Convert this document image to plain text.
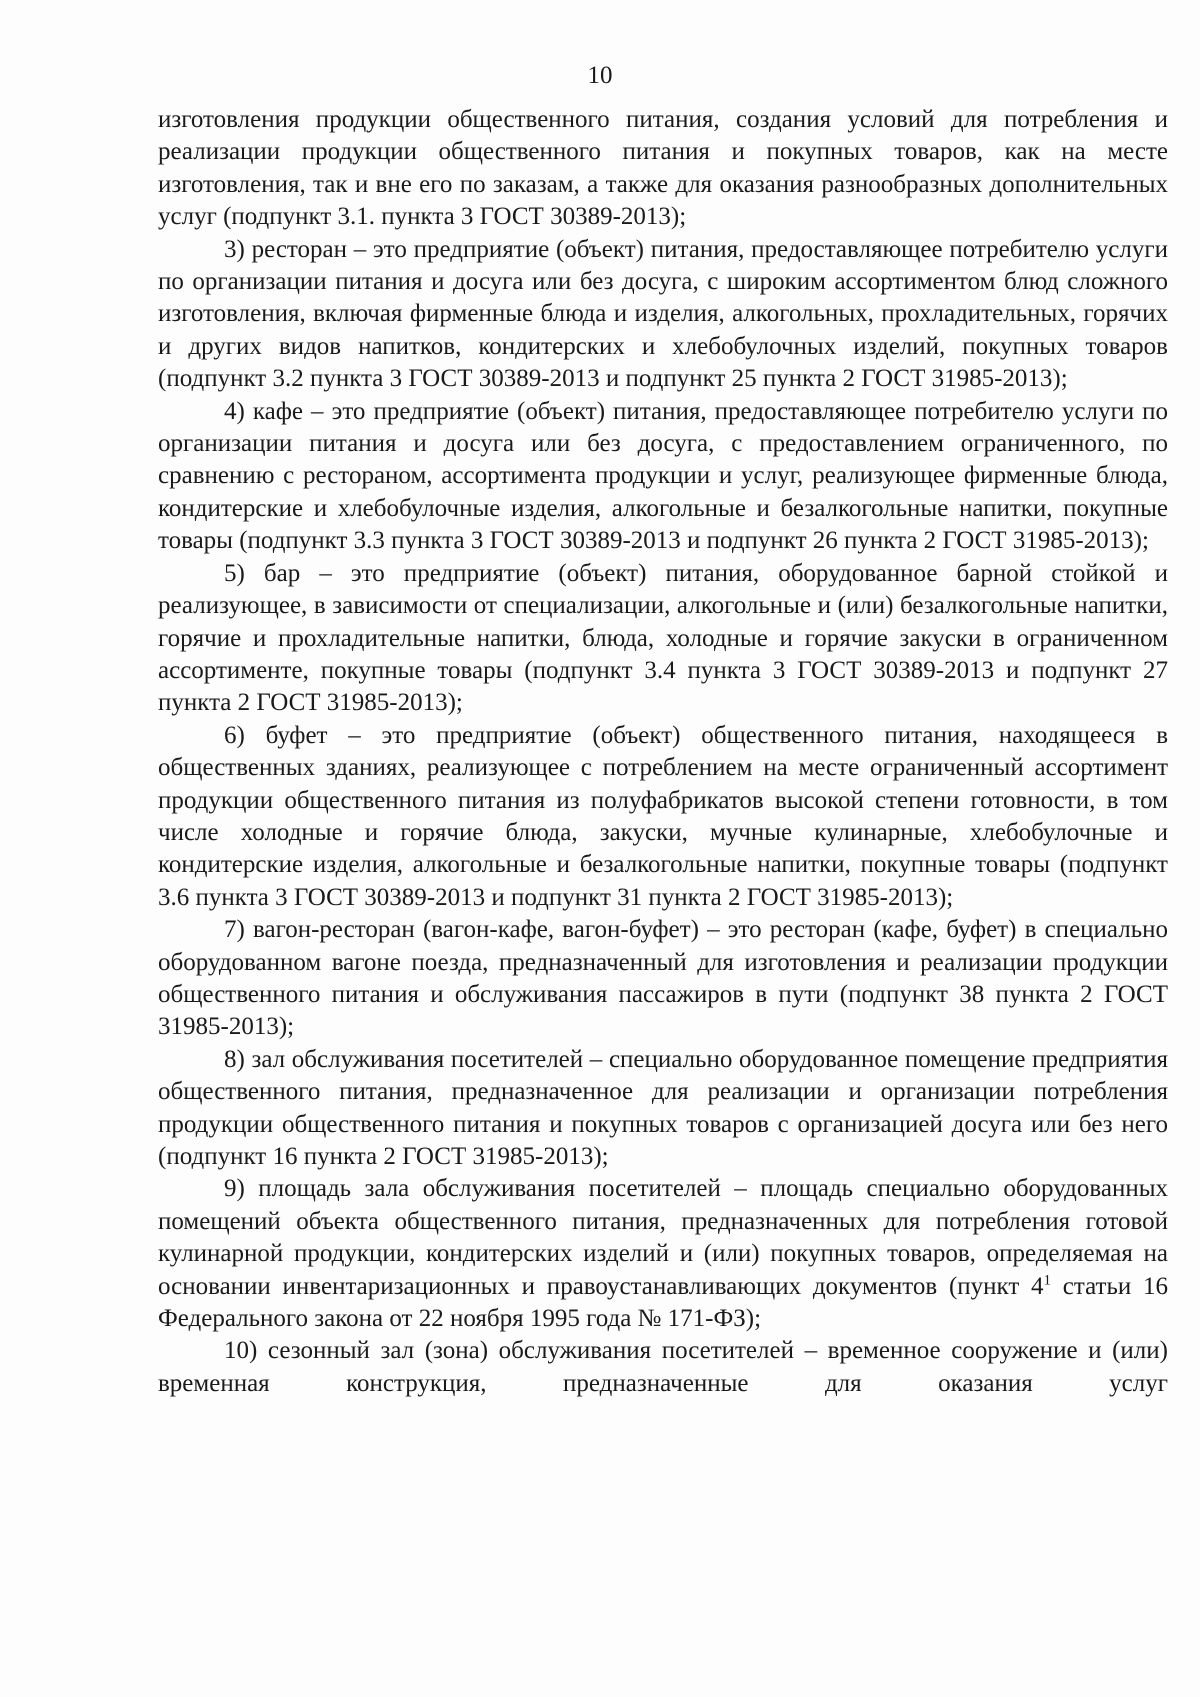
10

изготовления продукции общественного питания, создания условий для потребления и реализации продукции общественного питания и покупных товаров, как на месте изготовления, так и вне его по заказам, а также для оказания разнообразных дополнительных услуг (подпункт 3.1. пункта 3 ГОСТ 30389-2013);

3) ресторан – это предприятие (объект) питания, предоставляющее потребителю услуги по организации питания и досуга или без досуга, с широким ассортиментом блюд сложного изготовления, включая фирменные блюда и изделия, алкогольных, прохладительных, горячих и других видов напитков, кондитерских и хлебобулочных изделий, покупных товаров (подпункт 3.2 пункта 3 ГОСТ 30389-2013 и подпункт 25 пункта 2 ГОСТ 31985-2013);

4) кафе – это предприятие (объект) питания, предоставляющее потребителю услуги по организации питания и досуга или без досуга, с предоставлением ограниченного, по сравнению с рестораном, ассортимента продукции и услуг, реализующее фирменные блюда, кондитерские и хлебобулочные изделия, алкогольные и безалкогольные напитки, покупные товары (подпункт 3.3 пункта 3 ГОСТ 30389-2013 и подпункт 26 пункта 2 ГОСТ 31985-2013);

5) бар – это предприятие (объект) питания, оборудованное барной стойкой и реализующее, в зависимости от специализации, алкогольные и (или) безалкогольные напитки, горячие и прохладительные напитки, блюда, холодные и горячие закуски в ограниченном ассортименте, покупные товары (подпункт 3.4 пункта 3 ГОСТ 30389-2013 и подпункт 27 пункта 2 ГОСТ 31985-2013);

6) буфет – это предприятие (объект) общественного питания, находящееся в общественных зданиях, реализующее с потреблением на месте ограниченный ассортимент продукции общественного питания из полуфабрикатов высокой степени готовности, в том числе холодные и горячие блюда, закуски, мучные кулинарные, хлебобулочные и кондитерские изделия, алкогольные и безалкогольные напитки, покупные товары (подпункт 3.6 пункта 3 ГОСТ 30389-2013 и подпункт 31 пункта 2 ГОСТ 31985-2013);

7) вагон-ресторан (вагон-кафе, вагон-буфет) – это ресторан (кафе, буфет) в специально оборудованном вагоне поезда, предназначенный для изготовления и реализации продукции общественного питания и обслуживания пассажиров в пути (подпункт 38 пункта 2 ГОСТ 31985-2013);

8) зал обслуживания посетителей – специально оборудованное помещение предприятия общественного питания, предназначенное для реализации и организации потребления продукции общественного питания и покупных товаров с организацией досуга или без него (подпункт 16 пункта 2 ГОСТ 31985-2013);

9) площадь зала обслуживания посетителей – площадь специально оборудованных помещений объекта общественного питания, предназначенных для потребления готовой кулинарной продукции, кондитерских изделий и (или) покупных товаров, определяемая на основании инвентаризационных и правоустанавливающих документов (пункт $4^1$ статьи 16 Федерального закона от 22 ноября 1995 года № 171-ФЗ);

10) сезонный зал (зона) обслуживания посетителей – временное сооружение и (или) временная конструкция, предназначенные для оказания услуг
